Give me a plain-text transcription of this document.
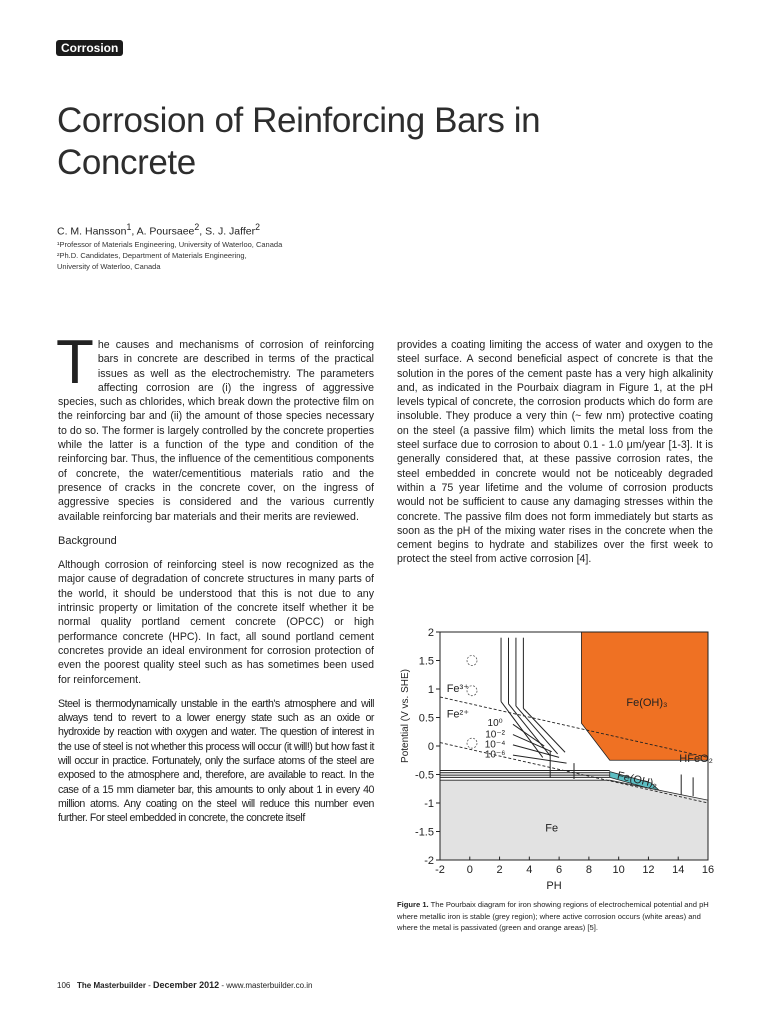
Corrosion
Corrosion of Reinforcing Bars in Concrete
C. M. Hansson$^1$, A. Poursaee$^2$, S. J. Jaffer$^2$
¹Professor of Materials Engineering, University of Waterloo, Canada
²Ph.D. Candidates, Department of Materials Engineering,
University of Waterloo, Canada

The causes and mechanisms of corrosion of reinforcing bars in concrete are described in terms of the practical issues as well as the electrochemistry. The parameters affecting corrosion are (i) the ingress of aggressive species, such as chlorides, which break down the protective film on the reinforcing bar and (ii) the amount of those species necessary to do so. The former is largely controlled by the concrete properties while the latter is a function of the type and condition of the reinforcing bar. Thus, the influence of the cementitious components of concrete, the water/cementitious materials ratio and the presence of cracks in the concrete cover, on the ingress of aggressive species is considered and the various currently available reinforcing bar materials and their merits are reviewed.

Background

Although corrosion of reinforcing steel is now recognized as the major cause of degradation of concrete structures in many parts of the world, it should be understood that this is not due to any intrinsic property or limitation of the concrete itself whether it be normal quality portland cement concrete (OPCC) or high performance concrete (HPC). In fact, all sound portland cement concretes provide an ideal environment for corrosion protection of even the poorest quality steel such as has sometimes been used for reinforcement.

Steel is thermodynamically unstable in the earth's atmosphere and will always tend to revert to a lower energy state such as an oxide or hydroxide by reaction with oxygen and water. The question of interest in the use of steel is not whether this process will occur (it will!) but how fast it will occur in practice. Fortunately, only the surface atoms of the steel are exposed to the atmosphere and, therefore, are available to react. In the case of a 15 mm diameter bar, this amounts to only about 1 in every 40 million atoms. Any coating on the steel will reduce this number even further. For steel embedded in concrete, the concrete itself

provides a coating limiting the access of water and oxygen to the steel surface. A second beneficial aspect of concrete is that the solution in the pores of the cement paste has a very high alkalinity and, as indicated in the Pourbaix diagram in Figure 1, at the pH levels typical of concrete, the corrosion products which do form are insoluble. They produce a very thin (~ few nm) protective coating on the steel (a passive film) which limits the metal loss from the steel surface due to corrosion to about 0.1 - 1.0 μm/year [1-3]. It is generally considered that, at these passive corrosion rates, the steel embedded in concrete would not be noticeably degraded within a 75 year lifetime and the volume of corrosion products would not be sufficient to cause any damaging stresses within the concrete. The passive film does not form immediately but starts as soon as the pH of the mixing water rises in the concrete when the cement begins to hydrate and stabilizes over the first week to protect the steel from active corrosion [4].

-2 0 2 4 6 8 10 12 14 16
2
1.5
1
0.5
0
-0.5
-1
-1.5
-2
PH
Potential (V vs. SHE)	Fe(OH)₃
HFeO₂
Fe(OH)₂
Fe
Fe³⁺
Fe²⁺
10⁰
10⁻²
10⁻⁴
10⁻⁶
Figure 1. The Pourbaix diagram for iron showing regions of electrochemical potential and pH where metallic iron is stable (grey region); where active corrosion occurs (white areas) and where the metal is passivated (green and orange areas) [5].
106 The Masterbuilder - December 2012 - www.masterbuilder.co.in
